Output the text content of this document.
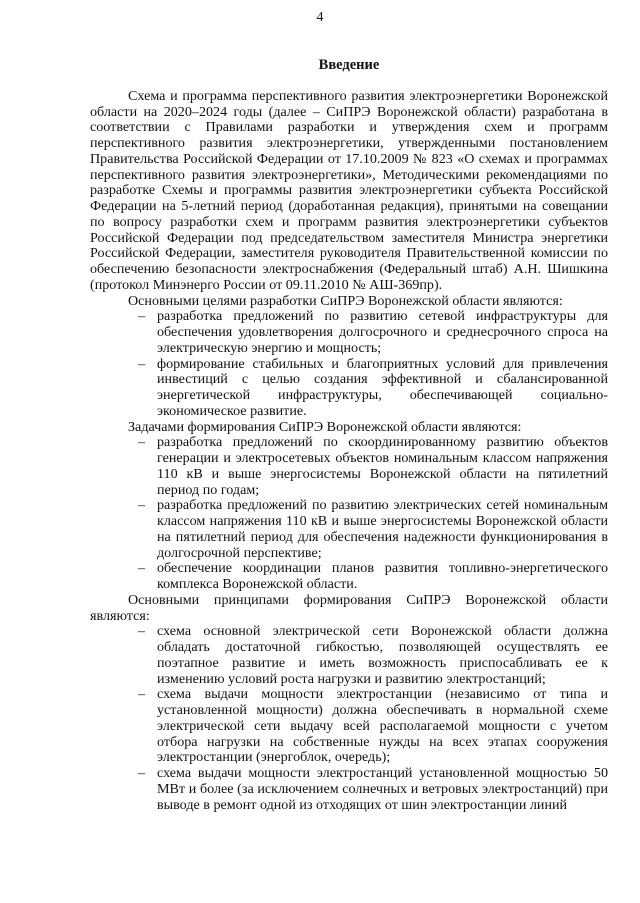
4
Введение

Схема и программа перспективного развития электроэнергетики Воронежской области на 2020–2024 годы (далее – СиПРЭ Воронежской области) разработана в соответствии с Правилами разработки и утверждения схем и программ перспективного развития электроэнергетики, утвержденными постановлением Правительства Российской Федерации от 17.10.2009 № 823 «О схемах и программах перспективного развития электроэнергетики», Методическими рекомендациями по разработке Схемы и программы развития электроэнергетики субъекта Российской Федерации на 5-летний период (доработанная редакция), принятыми на совещании по вопросу разработки схем и программ развития электроэнергетики субъектов Российской Федерации под председательством заместителя Министра энергетики Российской Федерации, заместителя руководителя Правительственной комиссии по обеспечению безопасности электроснабжения (Федеральный штаб) А.Н. Шишкина (протокол Минэнерго России от 09.11.2010 № АШ-369пр).

Основными целями разработки СиПРЭ Воронежской области являются:

– разработка предложений по развитию сетевой инфраструктуры для обеспечения удовлетворения долгосрочного и среднесрочного спроса на электрическую энергию и мощность;
– формирование стабильных и благоприятных условий для привлечения инвестиций с целью создания эффективной и сбалансированной энергетической инфраструктуры, обеспечивающей социально-экономическое развитие.

Задачами формирования СиПРЭ Воронежской области являются:

– разработка предложений по скоординированному развитию объектов генерации и электросетевых объектов номинальным классом напряжения 110 кВ и выше энергосистемы Воронежской области на пятилетний период по годам;
– разработка предложений по развитию электрических сетей номинальным классом напряжения 110 кВ и выше энергосистемы Воронежской области на пятилетний период для обеспечения надежности функционирования в долгосрочной перспективе;
– обеспечение координации планов развития топливно-энергетического комплекса Воронежской области.

Основными принципами формирования СиПРЭ Воронежской области являются:

– схема основной электрической сети Воронежской области должна обладать достаточной гибкостью, позволяющей осуществлять ее поэтапное развитие и иметь возможность приспосабливать ее к изменению условий роста нагрузки и развитию электростанций;
– схема выдачи мощности электростанции (независимо от типа и установленной мощности) должна обеспечивать в нормальной схеме электрической сети выдачу всей располагаемой мощности с учетом отбора нагрузки на собственные нужды на всех этапах сооружения электростанции (энергоблок, очередь);
– схема выдачи мощности электростанций установленной мощностью 50 МВт и более (за исключением солнечных и ветровых электростанций) при выводе в ремонт одной из отходящих от шин электростанции линий
